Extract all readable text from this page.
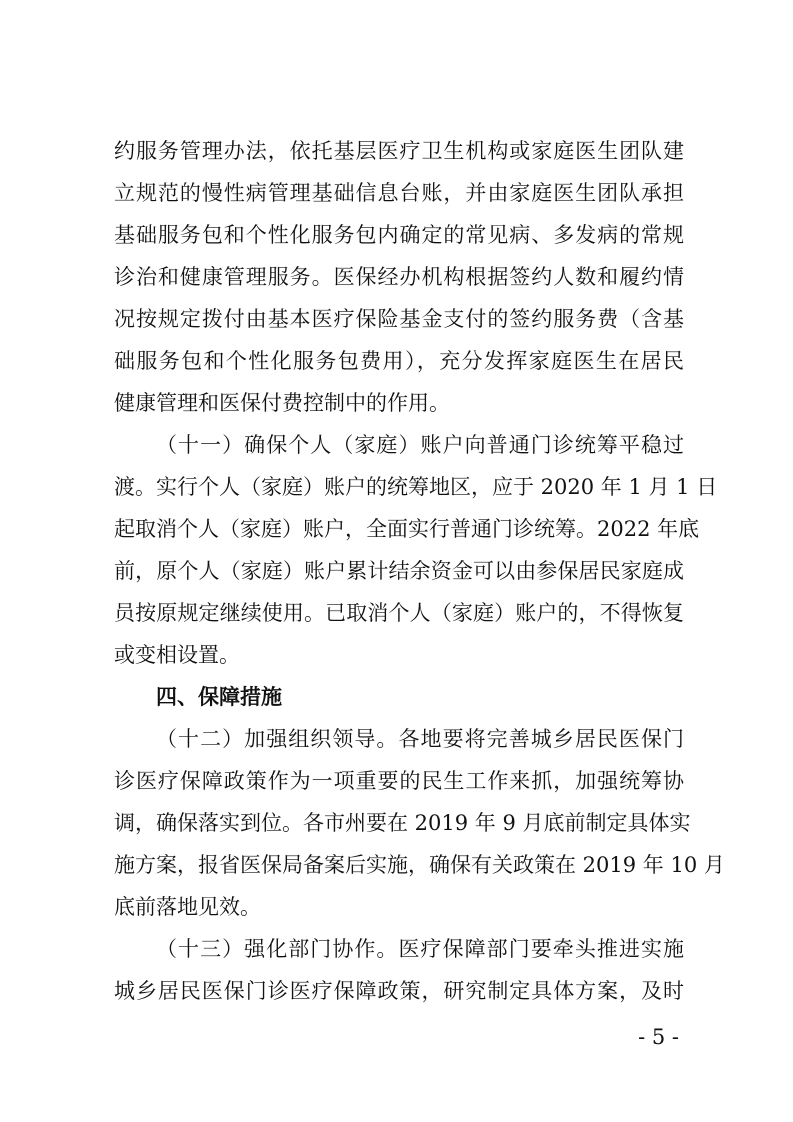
约服务管理办法，依托基层医疗卫生机构或家庭医生团队建
立规范的慢性病管理基础信息台账，并由家庭医生团队承担
基础服务包和个性化服务包内确定的常见病、多发病的常规
诊治和健康管理服务。医保经办机构根据签约人数和履约情
况按规定拨付由基本医疗保险基金支付的签约服务费（含基
础服务包和个性化服务包费用），充分发挥家庭医生在居民
健康管理和医保付费控制中的作用。
（十一）确保个人（家庭）账户向普通门诊统筹平稳过
渡。实行个人（家庭）账户的统筹地区，应于 2020 年 1 月 1 日
起取消个人（家庭）账户，全面实行普通门诊统筹。2022 年底
前，原个人（家庭）账户累计结余资金可以由参保居民家庭成
员按原规定继续使用。已取消个人（家庭）账户的，不得恢复
或变相设置。
四、保障措施
（十二）加强组织领导。各地要将完善城乡居民医保门
诊医疗保障政策作为一项重要的民生工作来抓，加强统筹协
调，确保落实到位。各市州要在 2019 年 9 月底前制定具体实
施方案，报省医保局备案后实施，确保有关政策在 2019 年 10 月
底前落地见效。
（十三）强化部门协作。医疗保障部门要牵头推进实施
城乡居民医保门诊医疗保障政策，研究制定具体方案，及时
- 5 -
